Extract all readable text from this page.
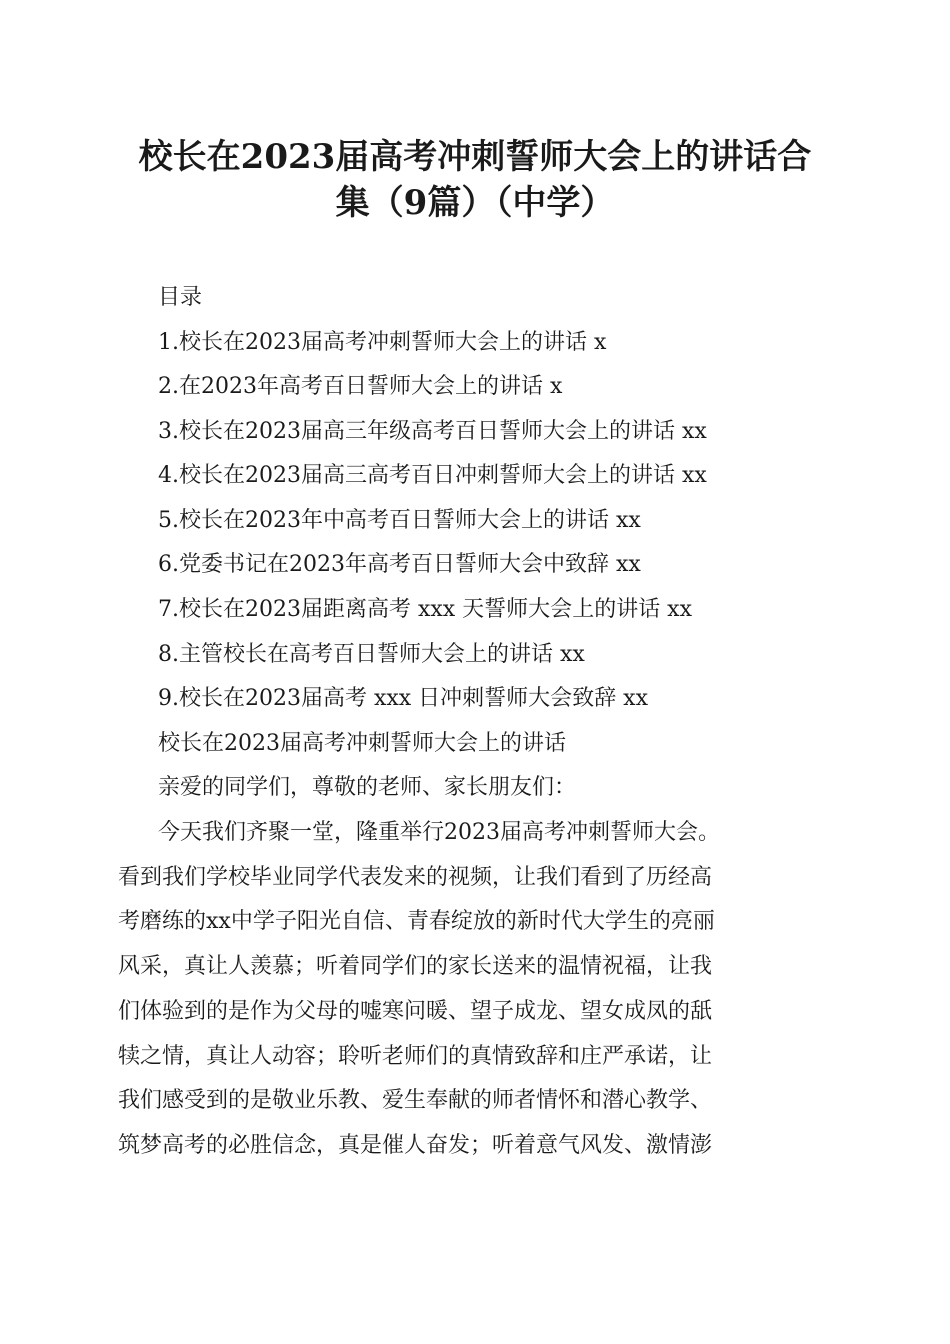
校长在2023届高考冲刺誓师大会上的讲话合
集（9篇）（中学）

目录

1.校长在2023届高考冲刺誓师大会上的讲话 x

2.在2023年高考百日誓师大会上的讲话 x

3.校长在2023届高三年级高考百日誓师大会上的讲话 xx

4.校长在2023届高三高考百日冲刺誓师大会上的讲话 xx

5.校长在2023年中高考百日誓师大会上的讲话 xx

6.党委书记在2023年高考百日誓师大会中致辞 xx

7.校长在2023届距离高考 xxx 天誓师大会上的讲话 xx

8.主管校长在高考百日誓师大会上的讲话 xx

9.校长在2023届高考 xxx 日冲刺誓师大会致辞 xx

校长在2023届高考冲刺誓师大会上的讲话

亲爱的同学们，尊敬的老师、家长朋友们：

今天我们齐聚一堂，隆重举行2023届高考冲刺誓师大会。
看到我们学校毕业同学代表发来的视频，让我们看到了历经高
考磨练的xx中学子阳光自信、青春绽放的新时代大学生的亮丽
风采，真让人羡慕；听着同学们的家长送来的温情祝福，让我
们体验到的是作为父母的嘘寒问暖、望子成龙、望女成凤的舐
犊之情，真让人动容；聆听老师们的真情致辞和庄严承诺，让
我们感受到的是敬业乐教、爱生奉献的师者情怀和潜心教学、
筑梦高考的必胜信念，真是催人奋发；听着意气风发、激情澎
